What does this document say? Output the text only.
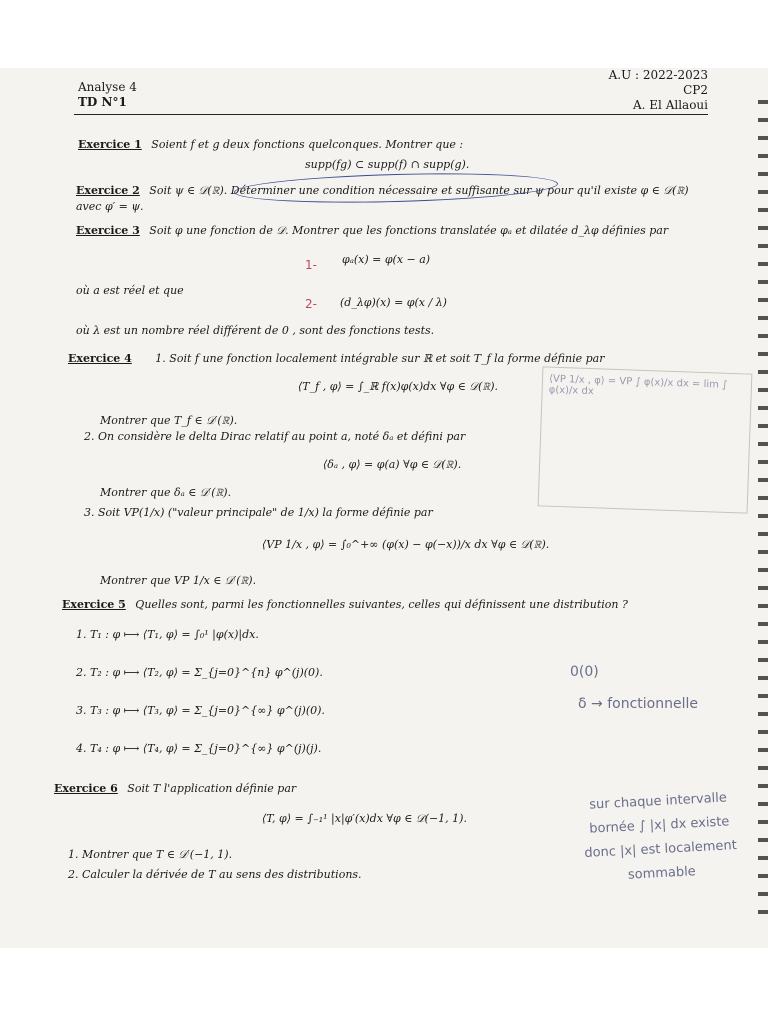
Analyse 4
TD N°1
A.U : 2022-2023
CP2
A. El Allaoui
Exercice 1 Soient f et g deux fonctions quelconques. Montrer que :
supp(fg) ⊂ supp(f) ∩ supp(g).
Exercice 2 Soit ψ ∈ 𝒟(ℝ). Déterminer une condition nécessaire et suffisante sur ψ pour qu'il existe φ ∈ 𝒟(ℝ)
avec φ′ = ψ.
Exercice 3 Soit φ une fonction de 𝒟. Montrer que les fonctions translatée φₐ et dilatée d_λφ définies par
1- φₐ(x) = φ(x − a)
où a est réel et que
2- (d_λφ)(x) = φ(x / λ)
où λ est un nombre réel différent de 0 , sont des fonctions tests.
Exercice 4 1. Soit f une fonction localement intégrable sur ℝ et soit T_f la forme définie par
⟨T_f , φ⟩ = ∫_ℝ f(x)φ(x)dx ∀φ ∈ 𝒟(ℝ).
Montrer que T_f ∈ 𝒟′(ℝ).
2. On considère le delta Dirac relatif au point a, noté δₐ et défini par
⟨δₐ , φ⟩ = φ(a) ∀φ ∈ 𝒟(ℝ).
Montrer que δₐ ∈ 𝒟′(ℝ).
3. Soit VP(1/x) ("valeur principale" de 1/x) la forme définie par
⟨VP 1/x , φ⟩ = ∫₀^+∞ (φ(x) − φ(−x))/x dx ∀φ ∈ 𝒟(ℝ).
Montrer que VP 1/x ∈ 𝒟′(ℝ).
⟨VP 1/x , φ⟩ = VP ∫ φ(x)/x dx = lim ∫ φ(x)/x dx
Exercice 5 Quelles sont, parmi les fonctionnelles suivantes, celles qui définissent une distribution ?
1. T₁ : φ ⟼ ⟨T₁, φ⟩ = ∫₀¹ |φ(x)|dx.
2. T₂ : φ ⟼ ⟨T₂, φ⟩ = Σ_{j=0}^{n} φ^(j)(0).
3. T₃ : φ ⟼ ⟨T₃, φ⟩ = Σ_{j=0}^{∞} φ^(j)(0).
4. T₄ : φ ⟼ ⟨T₄, φ⟩ = Σ_{j=0}^{∞} φ^(j)(j).
0(0)
δ → fonctionnelle
Exercice 6 Soit T l'application définie par
⟨T, φ⟩ = ∫₋₁¹ |x|φ′(x)dx ∀φ ∈ 𝒟(−1, 1).
1. Montrer que T ∈ 𝒟′(−1, 1).
2. Calculer la dérivée de T au sens des distributions.
sur chaque intervalle
bornée ∫ |x| dx existe
donc |x| est localement
sommable
